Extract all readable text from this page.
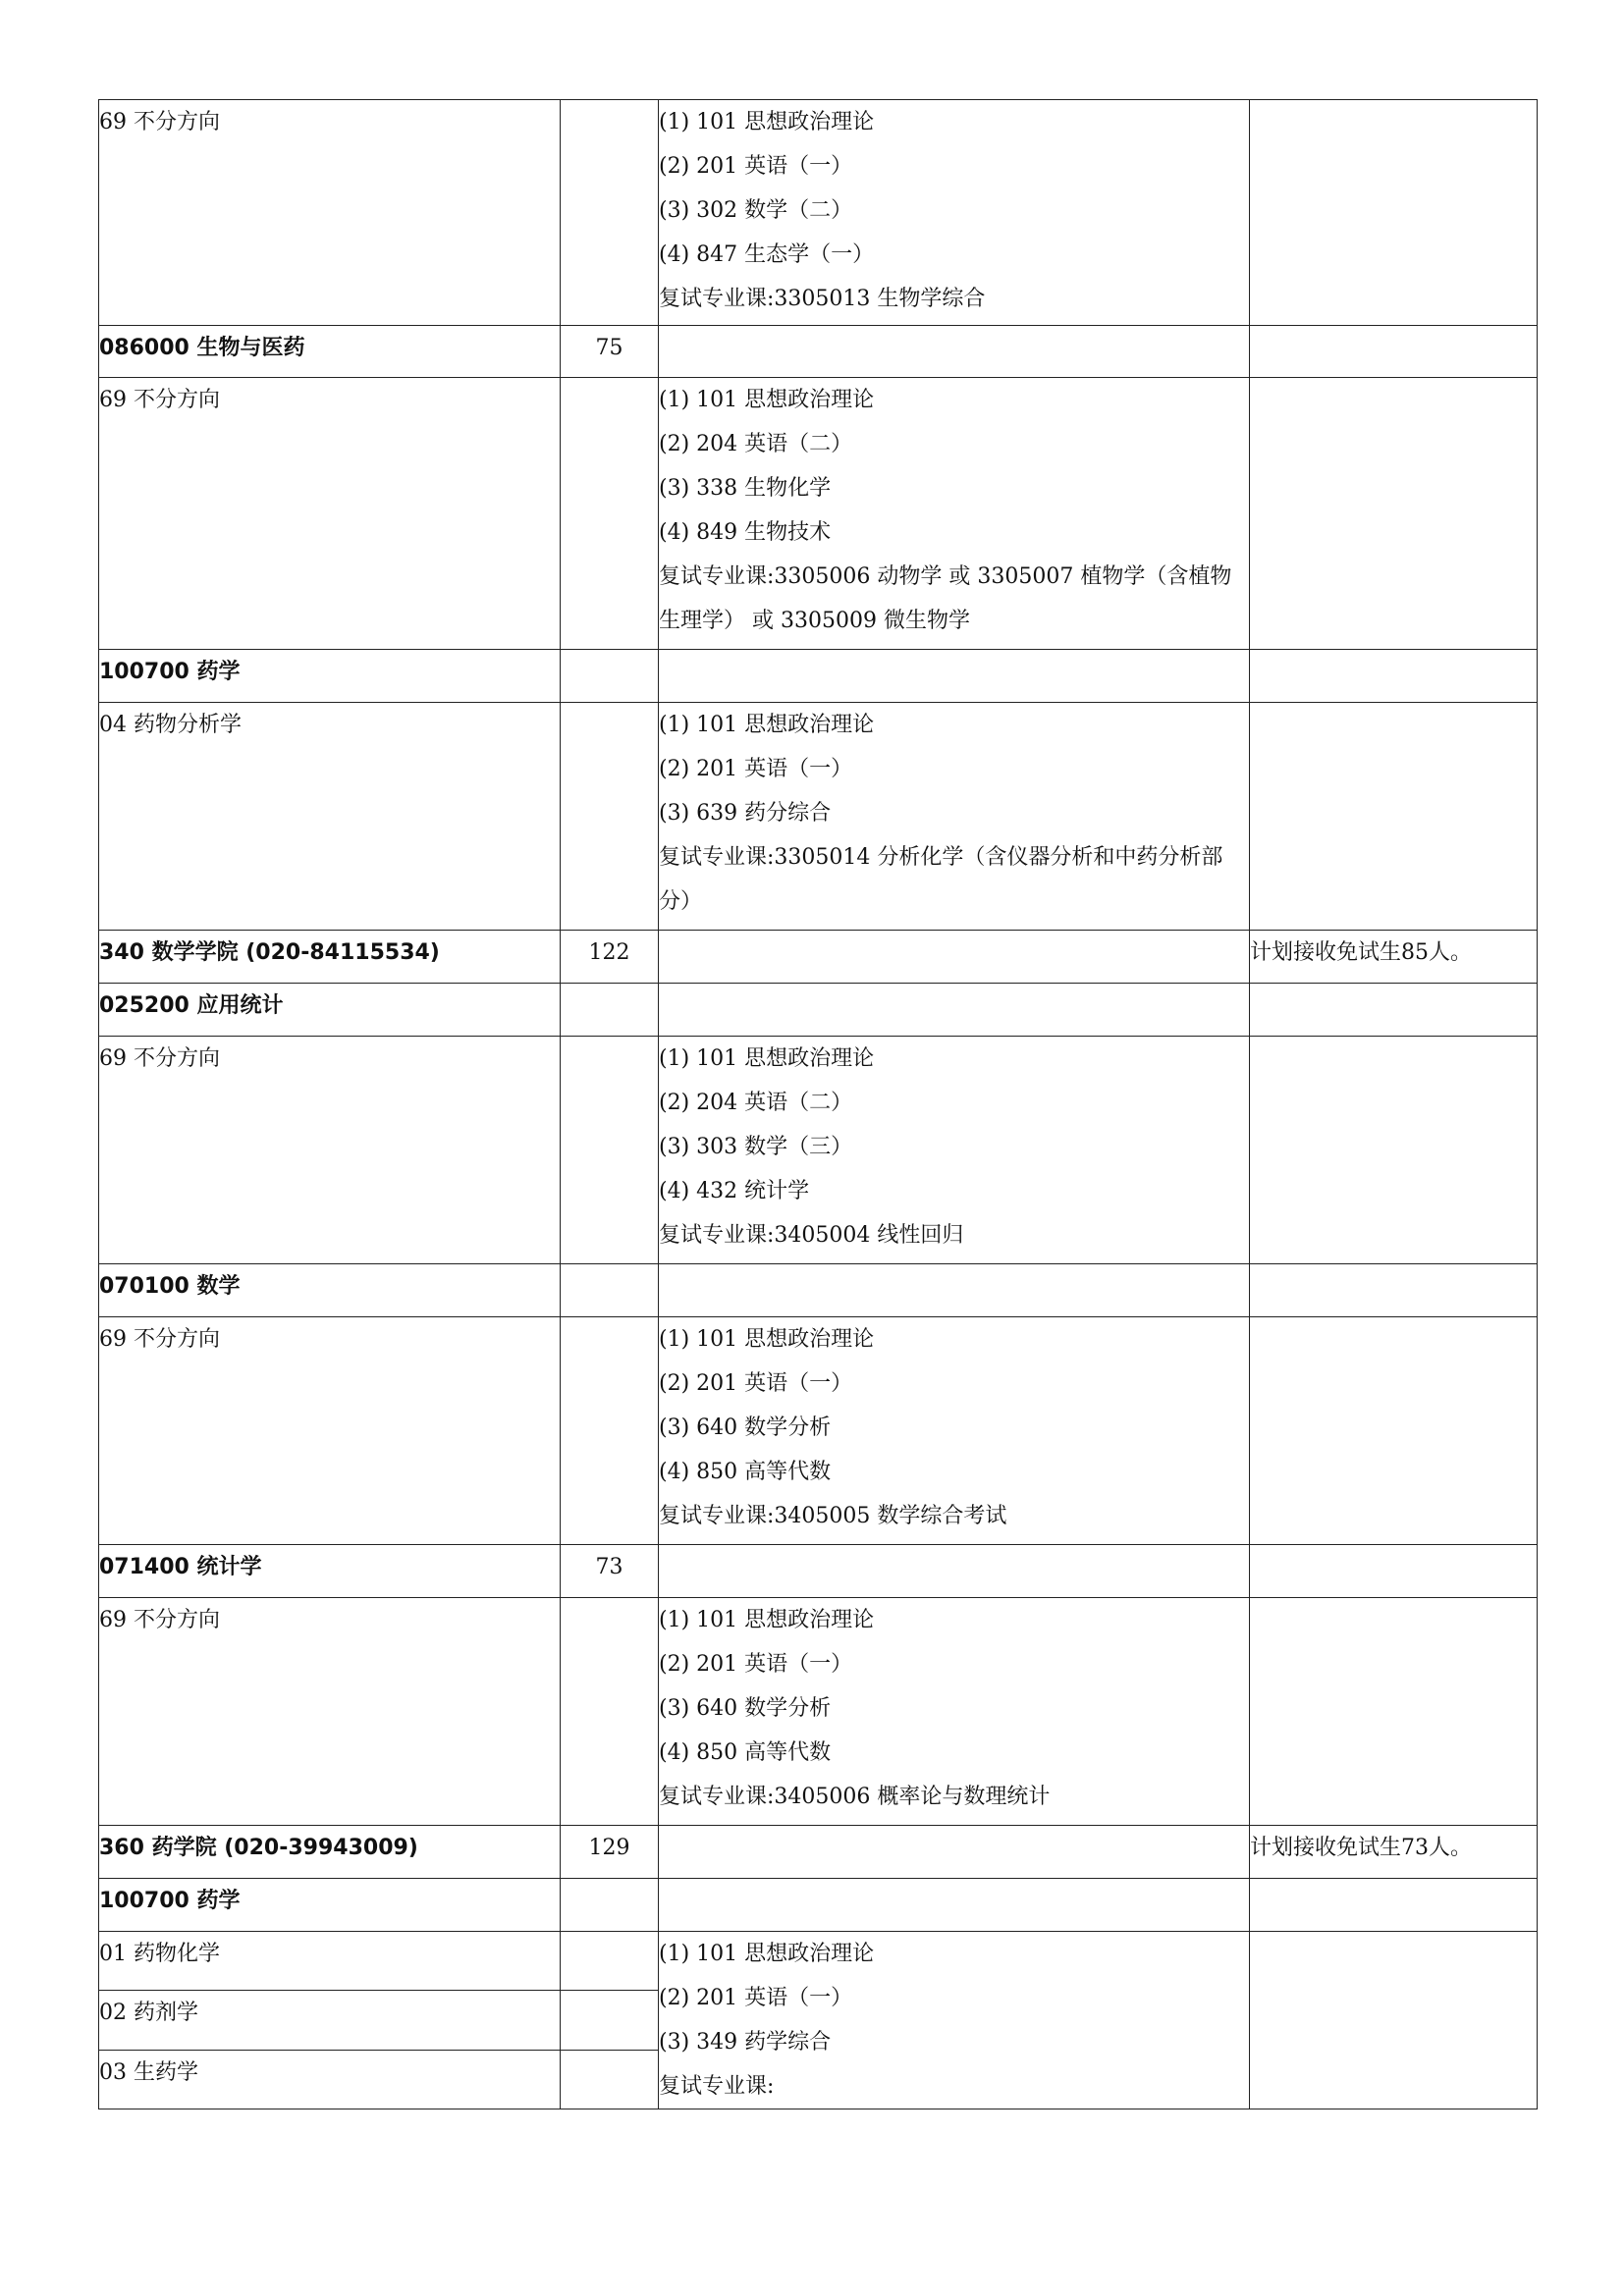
69 不分方向		(1) 101 思想政治理论
(2) 201 英语（一）
(3) 302 数学（二）
(4) 847 生态学（一）
复试专业课:3305013 生物学综合	

086000 生物与医药	75		

69 不分方向		(1) 101 思想政治理论
(2) 204 英语（二）
(3) 338 生物化学
(4) 849 生物技术
复试专业课:3305006 动物学 或 3305007 植物学（含植物生理学） 或 3305009 微生物学	

100700 药学			

04 药物分析学		(1) 101 思想政治理论
(2) 201 英语（一）
(3) 639 药分综合
复试专业课:3305014 分析化学（含仪器分析和中药分析部分）	

340 数学学院 (020-84115534)	122		计划接收免试生85人。

025200 应用统计			

69 不分方向		(1) 101 思想政治理论
(2) 204 英语（二）
(3) 303 数学（三）
(4) 432 统计学
复试专业课:3405004 线性回归	

070100 数学			

69 不分方向		(1) 101 思想政治理论
(2) 201 英语（一）
(3) 640 数学分析
(4) 850 高等代数
复试专业课:3405005 数学综合考试	

071400 统计学	73		

69 不分方向		(1) 101 思想政治理论
(2) 201 英语（一）
(3) 640 数学分析
(4) 850 高等代数
复试专业课:3405006 概率论与数理统计	

360 药学院 (020-39943009)	129		计划接收免试生73人。

100700 药学			

01 药物化学		(1) 101 思想政治理论
(2) 201 英语（一）
(3) 349 药学综合
复试专业课:	

02 药剂学			

03 生药学			
